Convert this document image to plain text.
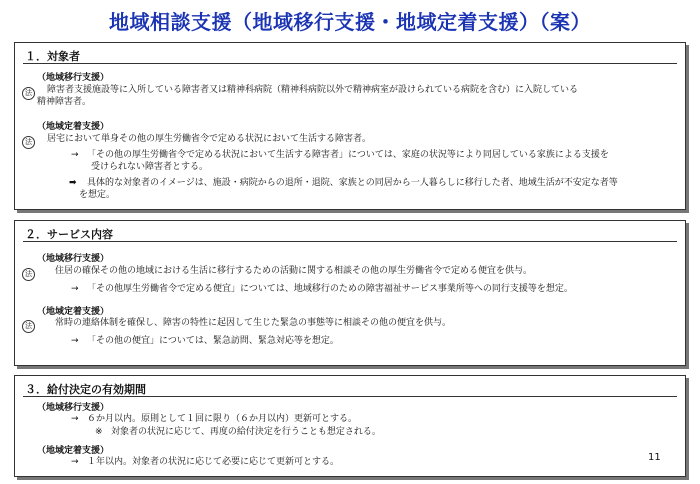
地域相談支援（地域移行支援・地域定着支援）（案）
１．対象者
（地域移行支援）
法	障害者支援施設等に入所している障害者又は精神科病院（精神科病院以外で精神病室が設けられている病院を含む）に入院している
精神障害者。
（地域定着支援）
法	居宅において単身その他の厚生労働省令で定める状況において生活する障害者。
→ 「その他の厚生労働省令で定める状況において生活する障害者」については、家庭の状況等により同居している家族による支援を
受けられない障害者とする。
➡ 具体的な対象者のイメージは、施設・病院からの退所・退院、家族との同居から一人暮らしに移行した者、地域生活が不安定な者等
を想定。
２．サービス内容
（地域移行支援）
法	住居の確保その他の地域における生活に移行するための活動に関する相談その他の厚生労働省令で定める便宜を供与。
→ 「その他厚生労働省令で定める便宜」については、地域移行のための障害福祉サービス事業所等への同行支援等を想定。
（地域定着支援）
法	常時の連絡体制を確保し、障害の特性に起因して生じた緊急の事態等に相談その他の便宜を供与。
→ 「その他の便宜」については、緊急訪問、緊急対応等を想定。
３．給付決定の有効期間
（地域移行支援）
→ ６か月以内。原則として１回に限り（６か月以内）更新可とする。
※ 対象者の状況に応じて、再度の給付決定を行うことも想定される。
（地域定着支援）
→ １年以内。対象者の状況に応じて必要に応じて更新可とする。	11
